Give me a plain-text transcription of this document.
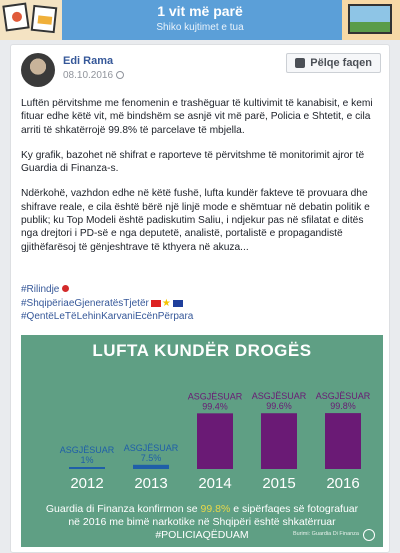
1 vit më parë
Shiko kujtimet e tua
Edi Rama
08.10.2016
Pëlqe faqen

Luftën përvitshme me fenomenin e trashëguar të kultivimit të kanabisit, e kemi fituar edhe këtë vit, më bindshëm se asnjë vit më parë, Policia e Shtetit, e cila arriti të shkatërrojë 99.8% të parcelave të mbjella.

Ky grafik, bazohet në shifrat e raporteve të përvitshme të monitorimit ajror të Guardia di Finanza-s.

Ndërkohë, vazhdon edhe në këtë fushë, lufta kundër fakteve të provuara dhe shifrave reale, e cila është bërë një linjë mode e shëmtuar në debatin politik e publik; ku Top Modeli është padiskutim Saliu, i ndjekur pas në sfilatat e ditës nga drejtori i PD-së e nga deputetë, analistë, portalistë e propagandistë gjithëfarësoj të gënjeshtrave të kthyera në akuza...

#Rilindje
#ShqipëriaeGjeneratësTjetër ★
#QentëLeTëLehinKarvaniEcënPërpara
LUFTA KUNDËR DROGËS
ASGJËSUAR
1%
2012
ASGJËSUAR
7.5%
2013
ASGJËSUAR
99.4%
2014
ASGJËSUAR
99.6%
2015
ASGJËSUAR
99.8%
2016
Guardia di Finanza konfirmon se 99.8% e sipërfaqes së fotografuar
në 2016 me bimë narkotike në Shqipëri është shkatërruar
#POLICIAQËDUAM	Burimi: Guardia Di Finanza
